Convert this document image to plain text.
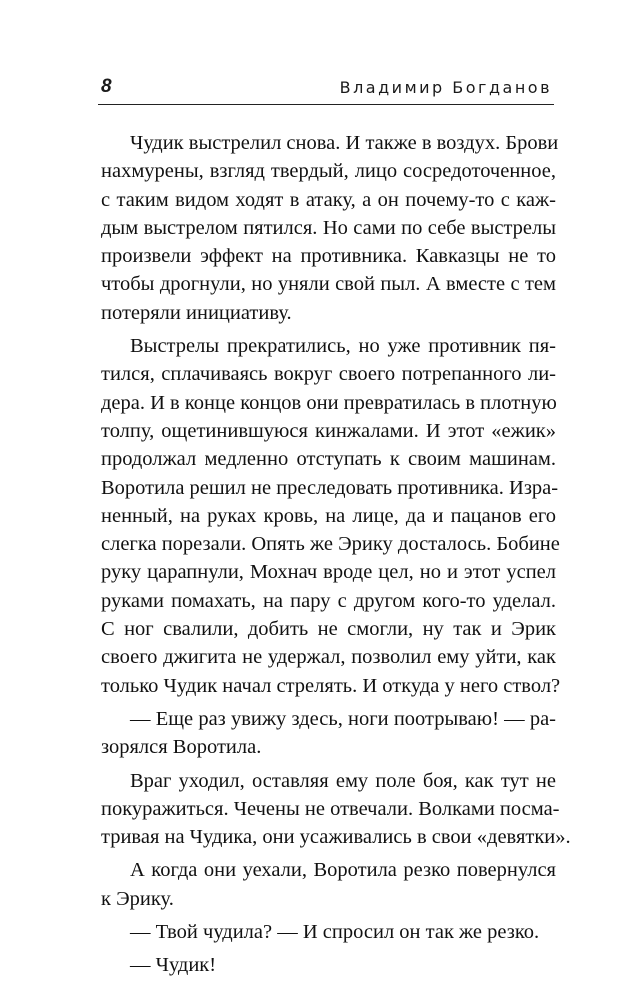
8	Владимир Богданов
Чудик выстрелил снова. И также в воздух. Брови
нахмурены, взгляд твердый, лицо сосредоточенное,
с таким видом ходят в атаку, а он почему-то с каж-
дым выстрелом пятился. Но сами по себе выстрелы
произвели эффект на противника. Кавказцы не то
чтобы дрогнули, но уняли свой пыл. А вместе с тем
потеряли инициативу.
Выстрелы прекратились, но уже противник пя-
тился, сплачиваясь вокруг своего потрепанного ли-
дера. И в конце концов они превратилась в плотную
толпу, ощетинившуюся кинжалами. И этот «ежик»
продолжал медленно отступать к своим машинам.
Воротила решил не преследовать противника. Изра-
ненный, на руках кровь, на лице, да и пацанов его
слегка порезали. Опять же Эрику досталось. Бобине
руку царапнули, Мохнач вроде цел, но и этот успел
руками помахать, на пару с другом кого-то уделал.
С ног свалили, добить не смогли, ну так и Эрик
своего джигита не удержал, позволил ему уйти, как
только Чудик начал стрелять. И откуда у него ствол?
— Еще раз увижу здесь, ноги поотрываю! — ра-
зорялся Воротила.
Враг уходил, оставляя ему поле боя, как тут не
покуражиться. Чечены не отвечали. Волками посма-
тривая на Чудика, они усаживались в свои «девятки».
А когда они уехали, Воротила резко повернулся
к Эрику.
— Твой чудила? — И спросил он так же резко.
— Чудик!
